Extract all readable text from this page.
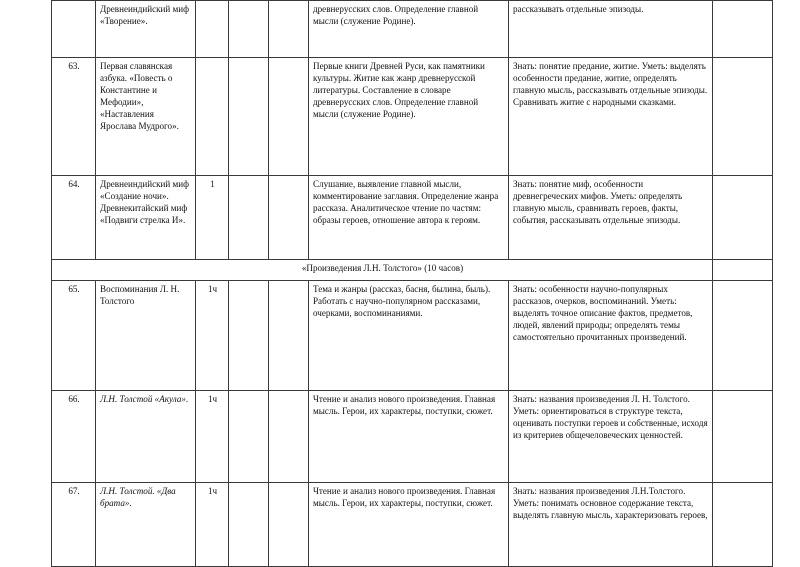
	Древнеиндийский миф «Творение».				древнерусских слов. Определение главной мысли (служение Родине).	рассказывать отдельные эпизоды.	
63.	Первая славянская азбука. «Повесть о Константине и Мефодии», «Наставления Ярослава Мудрого».				Первые книги Древней Руси, как памятники культуры. Житие как жанр древнерусской литературы. Составление в словаре древнерусских слов. Определение главной мысли (служение Родине).	Знать: понятие предание, житие. Уметь: выделять особенности предание, житие, определять главную мысль, рассказывать отдельные эпизоды. Сравнивать житие с народными сказками.	
64.	Древнеиндийский миф «Создание ночи». Древнекитайский миф «Подвиги стрелка И».	1			Слушание, выявление главной мысли, комментирование заглавия. Определение жанра рассказа. Аналитическое чтение по частям: образы героев, отношение автора к героям.	Знать: понятие миф, особенности древнегреческих мифов. Уметь: определять главную мысль, сравнивать героев, факты, события, рассказывать отдельные эпизоды.	
«Произведения Л.Н. Толстого» (10 часов)							
65.	Воспоминания Л. Н. Толстого	1ч			Тема и жанры (рассказ, басня, былина, быль). Работать с научно-популярном рассказами, очерками, воспоминаниями.	Знать: особенности научно-популярных рассказов, очерков, воспоминаний. Уметь: выделять точное описание фактов, предметов, людей, явлений природы; определять темы самостоятельно прочитанных произведений.	
66.	Л.Н. Толстой «Акула».	1ч			Чтение и анализ нового произведения. Главная мысль. Герои, их характеры, поступки, сюжет.	Знать: названия произведения Л. Н. Толстого. Уметь: ориентироваться в структуре текста, оценивать поступки героев и собственные, исходя из критериев общечеловеческих ценностей.	
67.	Л.Н. Толстой. «Два брата».	1ч			Чтение и анализ нового произведения. Главная мысль. Герои, их характеры, поступки, сюжет.	Знать: названия произведения Л.Н.Толстого. Уметь: понимать основное содержание текста, выделять главную мысль, характеризовать героев,	
